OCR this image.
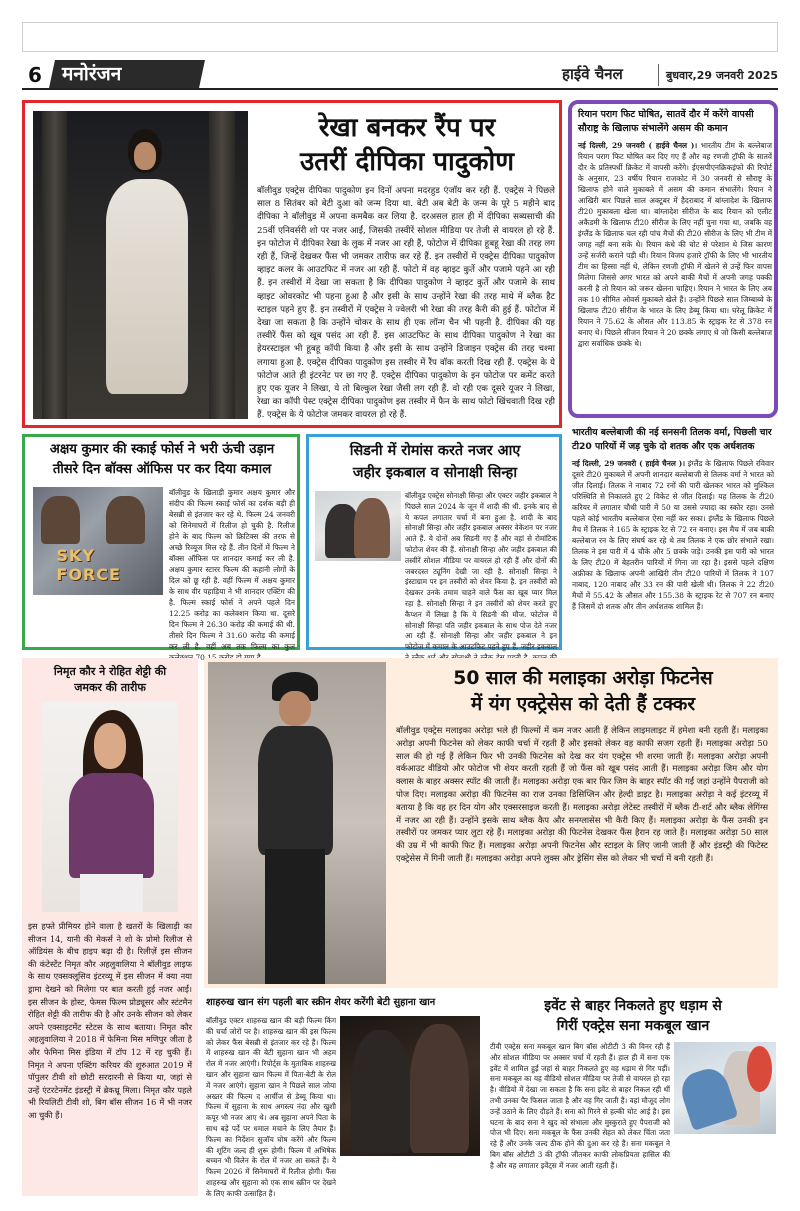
6	मनोरंजन	हाईवे चैनल	बुधवार,29 जनवरी 2025
रेखा बनकर रैंप पर
उतरीं दीपिका पादुकोण
बॉलीवुड एक्ट्रेस दीपिका पादुकोण इन दिनों अपना मदरहुड एंजॉय कर रही हैं. एक्ट्रेस ने पिछले साल 8 सितंबर को बेटी दुआ को जन्म दिया था. बेटी अब बेटी के जन्म के पूरे 5 महीने बाद दीपिका ने बॉलीवुड में अपना कमबैक कर लिया है. दरअसल हाल ही में दीपिका सब्यसाची की 25वीं एनिवर्सरी शो पर नजर आईं, जिसकी तस्वीरें सोशल मीडिया पर तेजी से वायरल हो रहे हैं. इन फोटोज में दीपिका रेखा के लुक में नजर आ रही हैं, फोटोज में दीपिका हूबहू रेखा की तरह लग रही हैं, जिन्हें देखकर फैंस भी जमकर तारीफ कर रहे हैं. इन तस्वीरों में एक्ट्रेस दीपिका पादुकोण व्हाइट कलर के आउटफिट में नजर आ रही हैं. फोटो में वह व्हाइट कुर्ते और पजामे पहने आ रही हैं. इन तस्वीरों में देखा जा सकता है कि दीपिका पादुकोण ने व्हाइट कुर्ते और पजामे के साथ व्हाइट ओवरकोट भी पहना हुआ है और इसी के साथ उन्होंने रेखा की तरह माथे में ब्लैक हैट स्टाइल पहने हुए हैं. इन तस्वीरों में एक्ट्रेस ने ज्वेलरी भी रेखा की तरह कैरी की हुई हैं. फोटोज में देखा जा सकता है कि उन्होंने चोकर के साथ ही एक लॉन्ग चैन भी पहनी है. दीपिका की यह तस्वीरें फैंस को खूब पसंद आ रही हैं. इस आउटफिट के साथ दीपिका पादुकोण ने रेखा का हेयरस्टाइल भी हूबहू कॉपी किया है और इसी के साथ उन्होंने डिजाइन एक्ट्रेस की तरह चश्मा लगाया हुआ है. एक्ट्रेस दीपिका पादुकोण इस तस्वीर में रैंप वॉक करती दिख रही हैं. एक्ट्रेस के ये फोटोज आते ही इंटरनेट पर छा गए हैं. एक्ट्रेस दीपिका पादुकोण के इन फोटोज पर कमेंट करते हुए एक यूजर ने लिखा, ये तो बिल्कुल रेखा जैसी लग रही हैं. वो रही एक दूसरे यूजर ने लिखा, रेखा का कॉपी पेस्ट एक्ट्रेस दीपिका पादुकोण इस तस्वीर में फैन के साथ फोटो खिंचवाती दिख रही हैं. एक्ट्रेस के ये फोटोज जमकर वायरल हो रहे हैं.
रियान पराग फिट घोषित, सातवें दौर में करेंगे वापसी
सौराष्ट्र के खिलाफ संभालेंगे असम की कमान
नई दिल्ली, 29 जनवरी ( हाईवे चैनल )। भारतीय टीम के बल्लेबाज रियान पराग फिट घोषित कर दिए गए हैं और वह रणजी ट्रॉफी के सातवें दौर के प्रतिस्पर्धी क्रिकेट में वापसी करेंगे। ईएसपीएनक्रिकइंफो की रिपोर्ट के अनुसार, 23 वर्षीय रियान राजकोट में 30 जनवरी से सौराष्ट्र के खिलाफ होने वाले मुकाबले में असम की कमान संभालेंगे। रियान ने आखिरी बार पिछले साल अक्टूबर में हैदराबाद में बांग्लादेश के खिलाफ टी20 मुकाबला खेला था। बांग्लादेश सीरीज के बाद रियान को एलीट अकैडमी के खिलाफ टी20 सीरीज के लिए नहीं चुना गया था, जबकि वह इंग्लैंड के खिलाफ चल रही पांच मैचों की टी20 सीरीज के लिए भी टीम में जगह नहीं बना सके थे। रियान कंधे की चोट से परेशान थे जिस कारण उन्हें सर्जरी कराने पड़ी थी। रियान विजय हजारे ट्रॉफी के लिए भी भारतीय टीम का हिस्सा नहीं थे, लेकिन रणजी ट्रॉफी में खेलने से उन्हें फिर वापस मिलेगा जिससे अगर भारत को अपने बाकी मैचों में अपनी जगह पक्की करनी है तो रियान को जरूर खेलना चाहिए। रियान ने भारत के लिए अब तक 10 सीमित ओवर्स मुकाबले खेले हैं। उन्होंने पिछले साल जिम्बाब्वे के खिलाफ टी20 सीरीज के भारत के लिए डेब्यू किया था। घरेलू क्रिकेट में रियान ने 75.62 के औसत और 113.85 के स्ट्राइक रेट से 378 रन बनाए थे। पिछले सीजन रियान ने 20 छक्के लगाए थे जो किसी बल्लेबाज द्वारा सर्वाधिक छक्के थे।
भारतीय बल्लेबाजी की नई सनसनी तिलक वर्मा, पिछली चार
टी20 पारियों में जड़ चुके दो शतक और एक अर्धशतक
नई दिल्ली, 29 जनवरी ( हाईवे चैनल )। इंग्लैंड के खिलाफ पिछले रविवार दूसरे टी20 मुकाबले में अपनी शानदार बल्लेबाजी से तिलक वर्मा ने भारत को जीत दिलाई। तिलक ने नाबाद 72 रनों की पारी खेलकर भारत को मुश्किल परिस्थिति से निकालते हुए 2 विकेट से जीत दिलाई। यह तिलक के टी20 करियर में लगातार चौथी पारी में 50 या उससे ज्यादा का स्कोर रहा। उनसे पहले कोई भारतीय बल्लेबाज ऐसा नहीं कर सका। इंग्लैंड के खिलाफ पिछले मैच में तिलक ने 165 के स्ट्राइक रेट से 72 रन बनाए। इस मैच में जब बाकी बल्लेबाज रन के लिए संघर्ष कर रहे थे तब तिलक ने एक छोर संभाले रखा। तिलक ने इस पारी में 4 चौके और 5 छक्के जड़े। उनकी इस पारी को भारत के लिए टी20 में बेहतरीन पारियों में गिना जा रहा है। इससे पहले दक्षिण अफ्रीका के खिलाफ अपनी आखिरी तीन टी20 पारियों में तिलक ने 107 नाबाद, 120 नाबाद और 33 रन की पारी खेली थी। तिलक ने 22 टी20 मैचों में 55.42 के औसत और 155.38 के स्ट्राइक रेट से 707 रन बनाए हैं जिसमें दो शतक और तीन अर्धशतक शामिल हैं।
अक्षय कुमार की स्काई फोर्स ने भरी ऊंची उड़ान
तीसरे दिन बॉक्स ऑफिस पर कर दिया कमाल
SKY FORCE
बॉलीवुड के खिलाड़ी कुमार अक्षय कुमार और संदीप की फिल्म स्काई फोर्स का दर्शक बड़ी ही बेसब्री से इंतजार कर रहे थे. फिल्म 24 जनवरी को सिनेमाघरों में रिलीज हो चुकी है. रिलीज होने के बाद फिल्म को क्रिटिक्स की तरफ से अच्छे रिव्यूज मिल रहे हैं. तीन दिनों में फिल्म ने बॉक्स ऑफिस पर शानदार कमाई कर ली है. अक्षय कुमार स्टारर फिल्म की कहानी लोगों के दिल को छू रही है. वहीं फिल्म में अक्षय कुमार के साथ वीर पहाड़िया ने भी शानदार एक्टिंग की है. फिल्म स्काई फोर्स ने अपने पहले दिन 12.25 करोड़ का कलेक्शन किया था. दूसरे दिन फिल्म ने 26.30 करोड़ की कमाई की थी. तीसरे दिन फिल्म ने 31.60 करोड़ की कमाई कर ली है. वहीं अब तक फिल्म का कुल
सिडनी में रोमांस करते नजर आए
जहीर इकबाल व सोनाक्षी सिन्हा
बॉलीवुड एक्ट्रेस सोनाक्षी सिन्हा और एक्टर जहीर इकबाल ने पिछले साल 2024 के जून में शादी की थी. इनके बाद से ये कपल लगातार चर्चा में बना हुआ है. शादी के बाद सोनाक्षी सिन्हा और जहीर इकबाल अक्सर वेकेशन पर नजर आते हैं. ये दोनों अब सिडनी गए हैं और वहां से रोमांटिक फोटोज शेयर की हैं. सोनाक्षी सिन्हा और जहीर इकबाल की तस्वीरें सोशल मीडिया पर वायरल हो रही हैं और दोनों की जबरदस्त ट्यूनिंग देखी जा रही है. सोनाक्षी सिन्हा ने इंस्टाग्राम पर इन तस्वीरों को शेयर किया है. इन तस्वीरों को देखकर उनके तमाम चाहने वाले फैंस का खूब प्यार मिल रहा है. सोनाक्षी सिन्हा ने इन तस्वीरों को शेयर करते हुए कैप्शन में लिखा है कि ये सिडनी की मौज. फोटोज में सोनाक्षी सिन्हा पति जहीर इकबाल के साथ पोज देते नजर आ रही हैं. सोनाक्षी सिन्हा और जहीर इकबाल ने इन फोटोज में कमाल के आउटफिट पहने हुए हैं. जहीर इकबाल
निमृत कौर ने रोहित शेट्टी की
जमकर की तारीफ
इस हफ्ते प्रीमियर होने वाला है खतरों के खिलाड़ी का सीजन 14, यानी की मेकर्स ने शो के प्रोमो रिलीज से ऑडियंस के बीच हाइप बढ़ा दी है। रिलीज़ें इस सीजन की कंटेस्टेंट निमृत कौर अहलुवालिया ने बॉलीवुड लाइफ के साथ एक्सक्लूसिव इंटरव्यू में इस सीजन में क्या नया ड्रामा देखने को मिलेगा पर बात करती हुई नजर आईं। इस सीजन के होस्ट, फेमस फिल्म प्रोड्यूसर और स्टंटमैन रोहित शेट्टी की तारीफ की है और उनके सीजन को लेकर अपने एक्साइटमेंट स्टेटस के साथ बताया। निमृत कौर अहलुवालिया ने 2018 में फेमिना मिस मणिपुर जीता है और फेमिना मिस इंडिया में टॉप 12 में रह चुकी हैं। निमृत ने अपना एक्टिंग करियर की शुरुआत 2019 में पॉपुलर टीवी शो छोटी सरदारनी से किया था, जहां से उन्हें एंटरटेनमेंट इंडस्ट्री में ब्रेकथ्रू मिला। निमृत कौर पहले भी रियलिटी टीवी शो, बिग बॉस सीजन 16 में भी नजर आ चुकी हैं।
50 साल की मलाइका अरोड़ा फिटनेस
में यंग एक्ट्रेसेस को देती हैं टक्कर
बॉलीवुड एक्ट्रेस मलाइका अरोड़ा भले ही फिल्मों में कम नजर आती हैं लेकिन लाइमलाइट में हमेशा बनी रहती हैं। मलाइका अरोड़ा अपनी फिटनेस को लेकर काफी चर्चा में रहती हैं और इसको लेकर वह काफी सजग रहती हैं। मलाइका अरोड़ा 50 साल की हो गई हैं लेकिन फिर भी उनकी फिटनेस को देख कर यंग एक्ट्रेस भी शरमा जाती हैं। मलाइका अरोड़ा अपनी वर्कआउट वीडियो और फोटोज भी शेयर करती रहती हैं जो फैंस को खूब पसंद आती हैं। मलाइका अरोड़ा जिम और योग क्लास के बाहर अक्सर स्पॉट की जाती हैं। मलाइका अरोड़ा एक बार फिर जिम के बाहर स्पॉट की गईं जहां उन्होंने पैपराजी को पोज दिए। मलाइका अरोड़ा की फिटनेस का राज उनका डिसिप्लिन और हेल्दी डाइट है। मलाइका अरोड़ा ने कई इंटरव्यू में बताया है कि वह हर दिन योग और एक्सरसाइज करती हैं। मलाइका अरोड़ा लेटेस्ट तस्वीरों में ब्लैक टी-शर्ट और ब्लैक लेगिंग्स में नजर आ रही हैं। उन्होंने इसके साथ ब्लैक कैप और सनग्लासेस भी कैरी किए हैं। मलाइका अरोड़ा के फैंस उनकी इन तस्वीरों पर जमकर प्यार लुटा रहे हैं। मलाइका अरोड़ा की फिटनेस देखकर फैंस हैरान रह जाते हैं। मलाइका अरोड़ा 50 साल की उम्र में भी काफी फिट हैं। मलाइका अरोड़ा अपनी फिटनेस और स्टाइल के लिए जानी जाती हैं और इंडस्ट्री की फिटेस्ट एक्ट्रेसेस में गिनी जाती हैं। मलाइका अरोड़ा अपने लुक्स और ड्रेसिंग सेंस को लेकर भी चर्चा में बनी रहती हैं।
शाहरुख खान संग पहली बार स्क्रीन शेयर करेंगी बेटी सुहाना खान
बॉलीवुड एक्टर शाहरुख खान की बड़ी फिल्म किंग की चर्चा जोरों पर है। शाहरुख खान की इस फिल्म को लेकर फैंस बेसब्री से इंतजार कर रहे हैं। फिल्म में शाहरुख खान की बेटी सुहाना खान भी अहम रोल में नजर आएंगी। रिपोर्ट्स के मुताबिक शाहरुख खान और सुहाना खान फिल्म में पिता-बेटी के रोल में नजर आएंगे। सुहाना खान ने पिछले साल जोया अख्तर की फिल्म द आर्चीज से डेब्यू किया था। फिल्म में सुहाना के साथ अगस्त्य नंदा और खुशी कपूर भी नजर आए थे। अब सुहाना अपने पिता के साथ बड़े पर्दे पर धमाल मचाने के लिए तैयार हैं। फिल्म का निर्देशन सुजॉय घोष करेंगे और फिल्म की शूटिंग जल्द ही शुरू होगी। फिल्म में अभिषेक बच्चन भी विलेन के रोल में नजर आ सकते हैं। ये फिल्म 2026 में सिनेमाघरों में रिलीज होगी। फैंस शाहरुख और सुहाना को एक साथ स्क्रीन पर देखने के लिए काफी उत्साहित हैं।
इवेंट से बाहर निकलते हुए धड़ाम से
गिरीं एक्ट्रेस सना मकबूल खान
टीवी एक्ट्रेस सना मकबूल खान बिग बॉस ओटीटी 3 की विनर रही हैं और सोशल मीडिया पर अक्सर चर्चा में रहती हैं। हाल ही में सना एक इवेंट में शामिल हुईं जहां से बाहर निकलते हुए वह धड़ाम से गिर पड़ीं। सना मकबूल का यह वीडियो सोशल मीडिया पर तेजी से वायरल हो रहा है। वीडियो में देखा जा सकता है कि सना इवेंट से बाहर निकल रही थीं तभी उनका पैर फिसल जाता है और वह गिर जाती हैं। वहां मौजूद लोग उन्हें उठाने के लिए दौड़ते हैं। सना को गिरने से हल्की चोट आई है। इस घटना के बाद सना ने खुद को संभाला और मुस्कुराते हुए पैपराजी को पोज भी दिए। सना मकबूल के फैंस उनकी सेहत को लेकर चिंता जता रहे हैं और उनके जल्द ठीक होने की दुआ कर रहे हैं। सना मकबूल ने बिग बॉस ओटीटी 3 की ट्रॉफी जीतकर काफी लोकप्रियता हासिल की है और वह लगातार इवेंट्स में नजर आती रहती हैं।
